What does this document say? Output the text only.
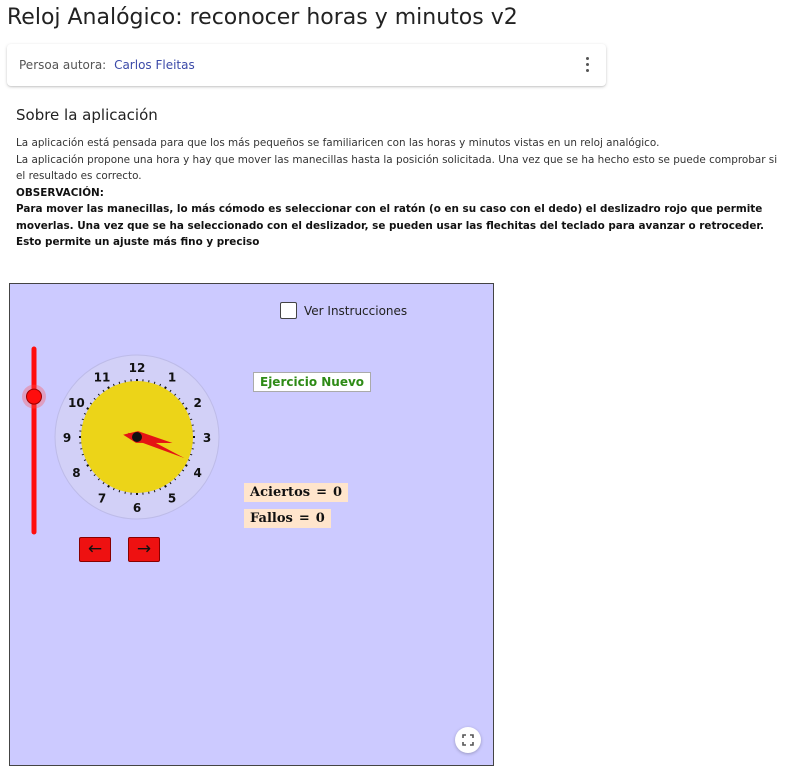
Reloj Analógico: reconocer horas y minutos v2
Persoa autora: Carlos Fleitas
Sobre la aplicación

La aplicación está pensada para que los más pequeños se familiaricen con las horas y minutos vistas en un reloj analógico.

La aplicación propone una hora y hay que mover las manecillas hasta la posición solicitada. Una vez que se ha hecho esto se puede comprobar si el resultado es correcto.

OBSERVACIÓN:

Para mover las manecillas, lo más cómodo es seleccionar con el ratón (o en su caso con el dedo) el deslizadro rojo que permite moverlas. Una vez que se ha seleccionado con el deslizador, se pueden usar las flechitas del teclado para avanzar o retroceder. Esto permite un ajuste más fino y preciso

Ver Instrucciones
12
1
2
3
4
5
6
7
8
9
10
11	Ejercicio Nuevo
Aciertos = 0
Fallos = 0
←	→
